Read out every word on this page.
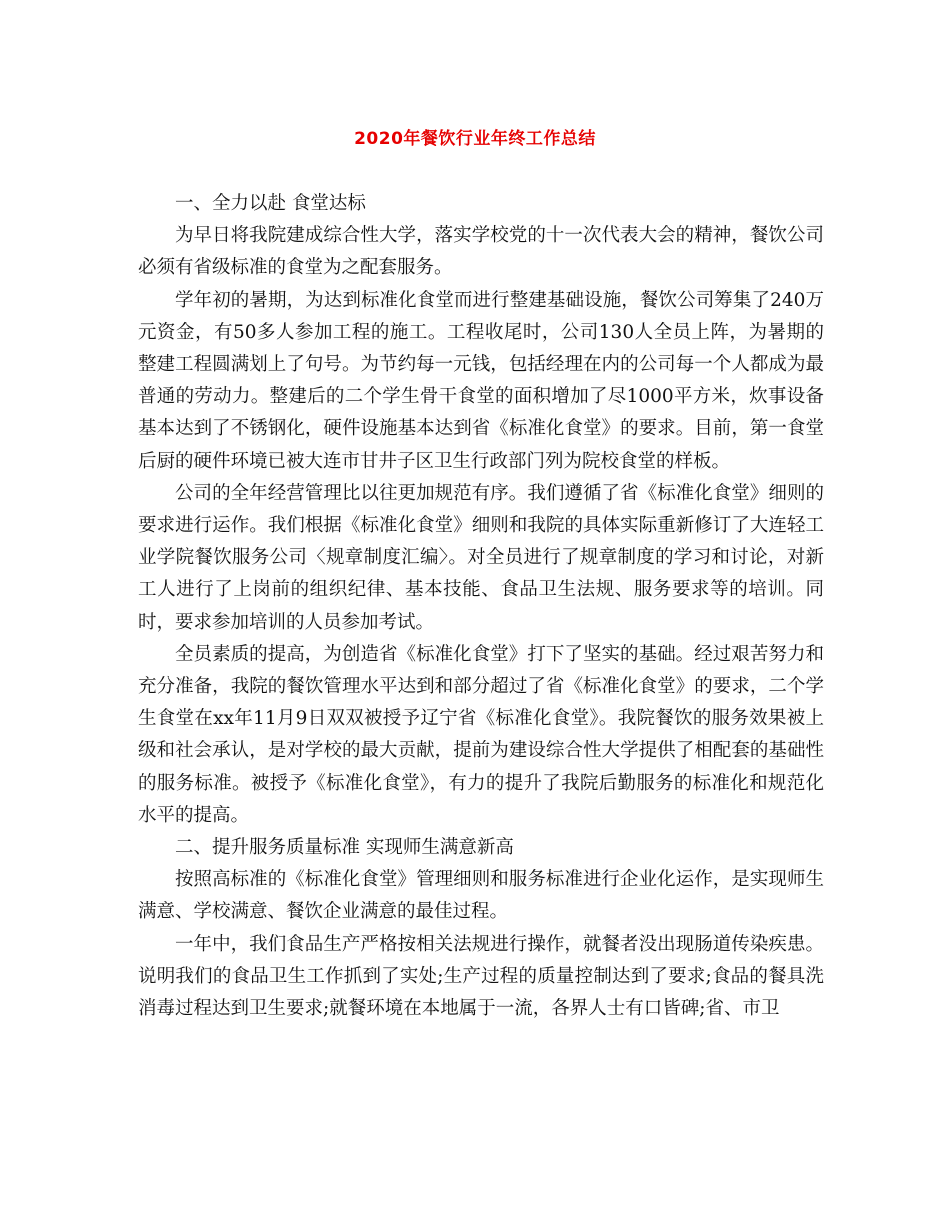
2020年餐饮行业年终工作总结

一、全力以赴 食堂达标

为早日将我院建成综合性大学，落实学校党的十一次代表大会的精神，餐饮公司必须有省级标准的食堂为之配套服务。

学年初的暑期，为达到标准化食堂而进行整建基础设施，餐饮公司筹集了240万元资金，有50多人参加工程的施工。工程收尾时，公司130人全员上阵，为暑期的整建工程圆满划上了句号。为节约每一元钱，包括经理在内的公司每一个人都成为最普通的劳动力。整建后的二个学生骨干食堂的面积增加了尽1000平方米，炊事设备基本达到了不锈钢化，硬件设施基本达到省《标准化食堂》的要求。目前，第一食堂后厨的硬件环境已被大连市甘井子区卫生行政部门列为院校食堂的样板。

公司的全年经营管理比以往更加规范有序。我们遵循了省《标准化食堂》细则的要求进行运作。我们根据《标准化食堂》细则和我院的具体实际重新修订了大连轻工业学院餐饮服务公司〈规章制度汇编〉。对全员进行了规章制度的学习和讨论，对新工人进行了上岗前的组织纪律、基本技能、食品卫生法规、服务要求等的培训。同时，要求参加培训的人员参加考试。

全员素质的提高，为创造省《标准化食堂》打下了坚实的基础。经过艰苦努力和充分准备，我院的餐饮管理水平达到和部分超过了省《标准化食堂》的要求，二个学生食堂在xx年11月9日双双被授予辽宁省《标准化食堂》。我院餐饮的服务效果被上级和社会承认，是对学校的最大贡献，提前为建设综合性大学提供了相配套的基础性的服务标准。被授予《标准化食堂》，有力的提升了我院后勤服务的标准化和规范化水平的提高。

二、提升服务质量标准 实现师生满意新高

按照高标准的《标准化食堂》管理细则和服务标准进行企业化运作，是实现师生满意、学校满意、餐饮企业满意的最佳过程。

一年中，我们食品生产严格按相关法规进行操作，就餐者没出现肠道传染疾患。说明我们的食品卫生工作抓到了实处;生产过程的质量控制达到了要求;食品的餐具洗消毒过程达到卫生要求;就餐环境在本地属于一流，各界人士有口皆碑;省、市卫
